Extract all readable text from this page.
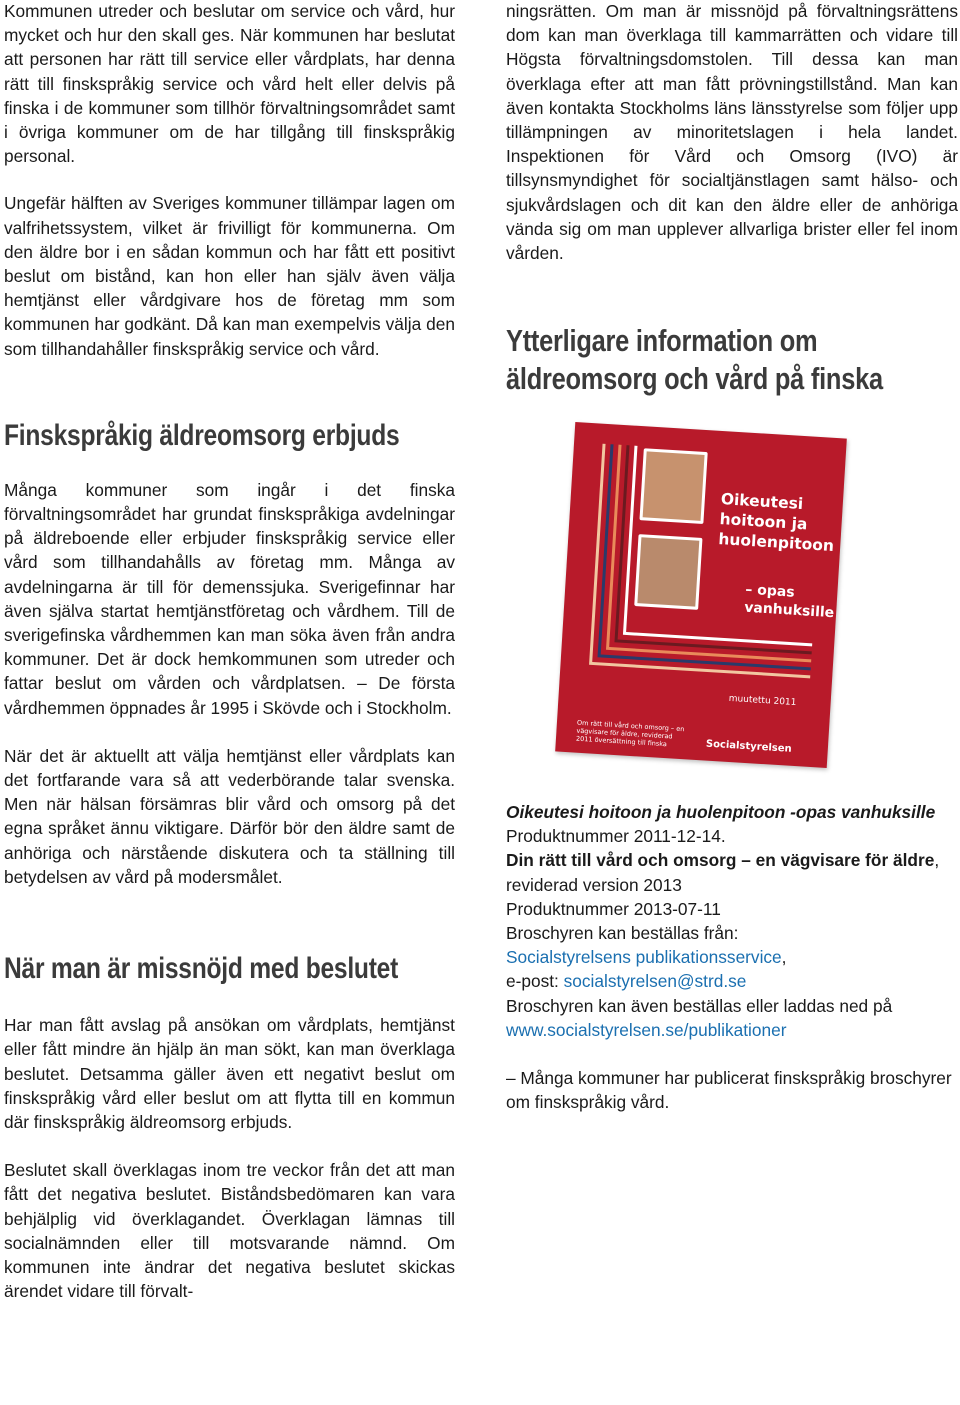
Kommunen utreder och beslutar om service och vård, hur mycket och hur den skall ges. När kommunen har beslutat att personen har rätt till service eller vårdplats, har denna rätt till finskspråkig service och vård helt eller delvis på finska i de kommuner som tillhör förvaltningsområdet samt i övriga kommuner om de har tillgång till finskspråkig personal.

Ungefär hälften av Sveriges kommuner tillämpar lagen om valfrihetssystem, vilket är frivilligt för kommunerna. Om den äldre bor i en sådan kommun och har fått ett positivt beslut om bistånd, kan hon eller han själv även välja hemtjänst eller vårdgivare hos de företag mm som kommunen har godkänt. Då kan man exempelvis välja den som tillhandahåller finskspråkig service och vård.

Finskspråkig äldreomsorg erbjuds

Många kommuner som ingår i det finska förvaltningsområdet har grundat finskspråkiga avdelningar på äldreboende eller erbjuder finskspråkig service eller vård som tillhandahålls av företag mm. Många av avdelningarna är till för demenssjuka. Sverigefinnar har även själva startat hemtjänstföretag och vårdhem. Till de sverigefinska vårdhemmen kan man söka även från andra kommuner. Det är dock hemkommunen som utreder och fattar beslut om vården och vårdplatsen. – De första vårdhemmen öppnades år 1995 i Skövde och i Stockholm.

När det är aktuellt att välja hemtjänst eller vårdplats kan det fortfarande vara så att vederbörande talar svenska. Men när hälsan försämras blir vård och omsorg på det egna språket ännu viktigare. Därför bör den äldre samt de anhöriga och närstående diskutera och ta ställning till betydelsen av vård på modersmålet.

När man är missnöjd med beslutet

Har man fått avslag på ansökan om vårdplats, hemtjänst eller fått mindre än hjälp än man sökt, kan man överklaga beslutet. Detsamma gäller även ett negativt beslut om finskspråkig vård eller beslut om att flytta till en kommun där finskspråkig äldreomsorg erbjuds.

Beslutet skall överklagas inom tre veckor från det att man fått det negativa beslutet. Biståndsbedömaren kan vara behjälplig vid överklagandet. Överklagan lämnas till socialnämnden eller till motsvarande nämnd. Om kommunen inte ändrar det negativa beslutet skickas ärendet vidare till förvalt-

ningsrätten. Om man är missnöjd på förvaltningsrättens dom kan man överklaga till kammarrätten och vidare till Högsta förvaltningsdomstolen. Till dessa kan man överklaga efter att man fått prövningstillstånd. Man kan även kontakta Stockholms läns länsstyrelse som följer upp tillämpningen av minoritetslagen i hela landet. Inspektionen för Vård och Omsorg (IVO) är tillsynsmyndighet för socialtjänstlagen samt hälso- och sjukvårdslagen och dit kan den äldre eller de anhöriga vända sig om man upplever allvarliga brister eller fel inom vården.

Ytterligare information om
äldreomsorg och vård på finska
Oikeutesi
hoitoon ja
huolenpitoon
– opas
vanhuksille
muutettu 2011
Om rätt till vård och omsorg – en vägvisare för äldre, reviderad 2011 översättning till finska	Socialstyrelsen

Oikeutesi hoitoon ja huolenpitoon -opas vanhuksille

Produktnummer 2011-12-14.

Din rätt till vård och omsorg – en vägvisare för äldre, reviderad version 2013

Produktnummer 2013-07-11

Broschyren kan beställas från:

Socialstyrelsens publikationsservice,

e-post: socialstyrelsen@strd.se

Broschyren kan även beställas eller laddas ned på

www.socialstyrelsen.se/publikationer

– Många kommuner har publicerat finskspråkig broschyrer om finskspråkig vård.
